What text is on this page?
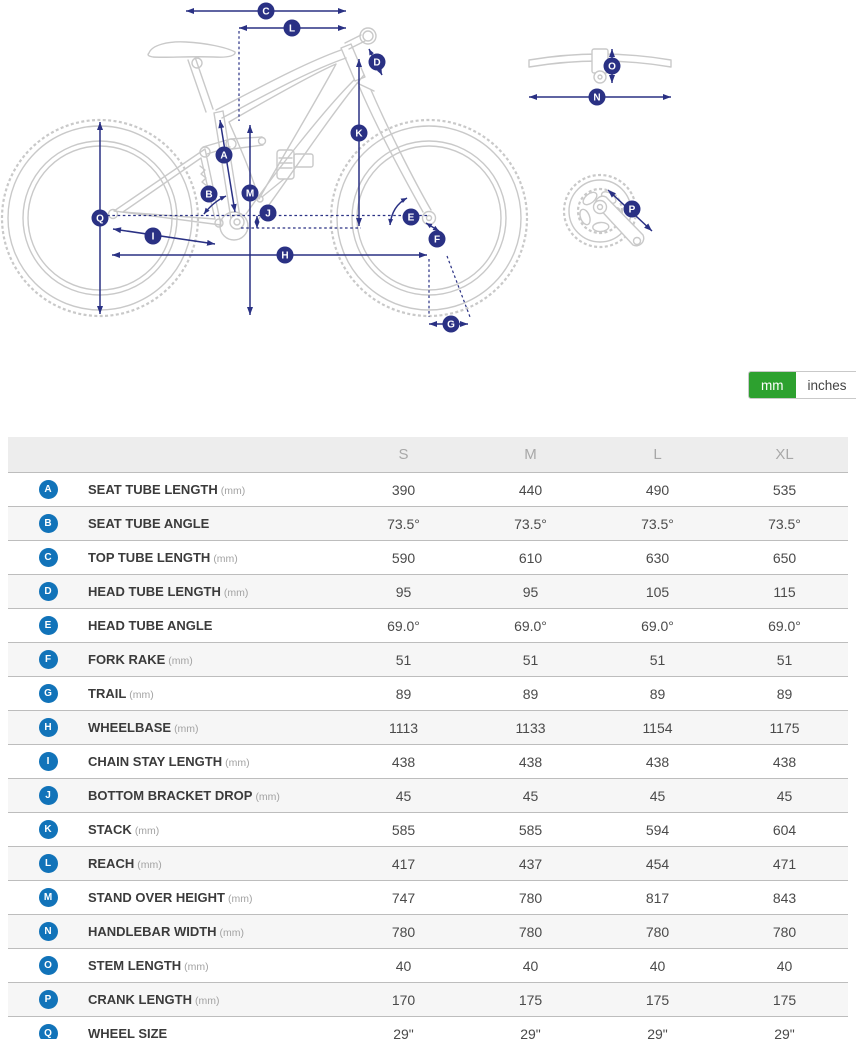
A
B
C
D
E
F
G
H
I
J
K
L
M
N
O
P
Q
mm	inches
S	M	L	XL
A	SEAT TUBE LENGTH (mm)	390	440	490	535
B	SEAT TUBE ANGLE	73.5°	73.5°	73.5°	73.5°
C	TOP TUBE LENGTH (mm)	590	610	630	650
D	HEAD TUBE LENGTH (mm)	95	95	105	115
E	HEAD TUBE ANGLE	69.0°	69.0°	69.0°	69.0°
F	FORK RAKE (mm)	51	51	51	51
G	TRAIL (mm)	89	89	89	89
H	WHEELBASE (mm)	1113	1133	1154	1175
I	CHAIN STAY LENGTH (mm)	438	438	438	438
J	BOTTOM BRACKET DROP (mm)	45	45	45	45
K	STACK (mm)	585	585	594	604
L	REACH (mm)	417	437	454	471
M	STAND OVER HEIGHT (mm)	747	780	817	843
N	HANDLEBAR WIDTH (mm)	780	780	780	780
O	STEM LENGTH (mm)	40	40	40	40
P	CRANK LENGTH (mm)	170	175	175	175
Q	WHEEL SIZE	29"	29"	29"	29"
